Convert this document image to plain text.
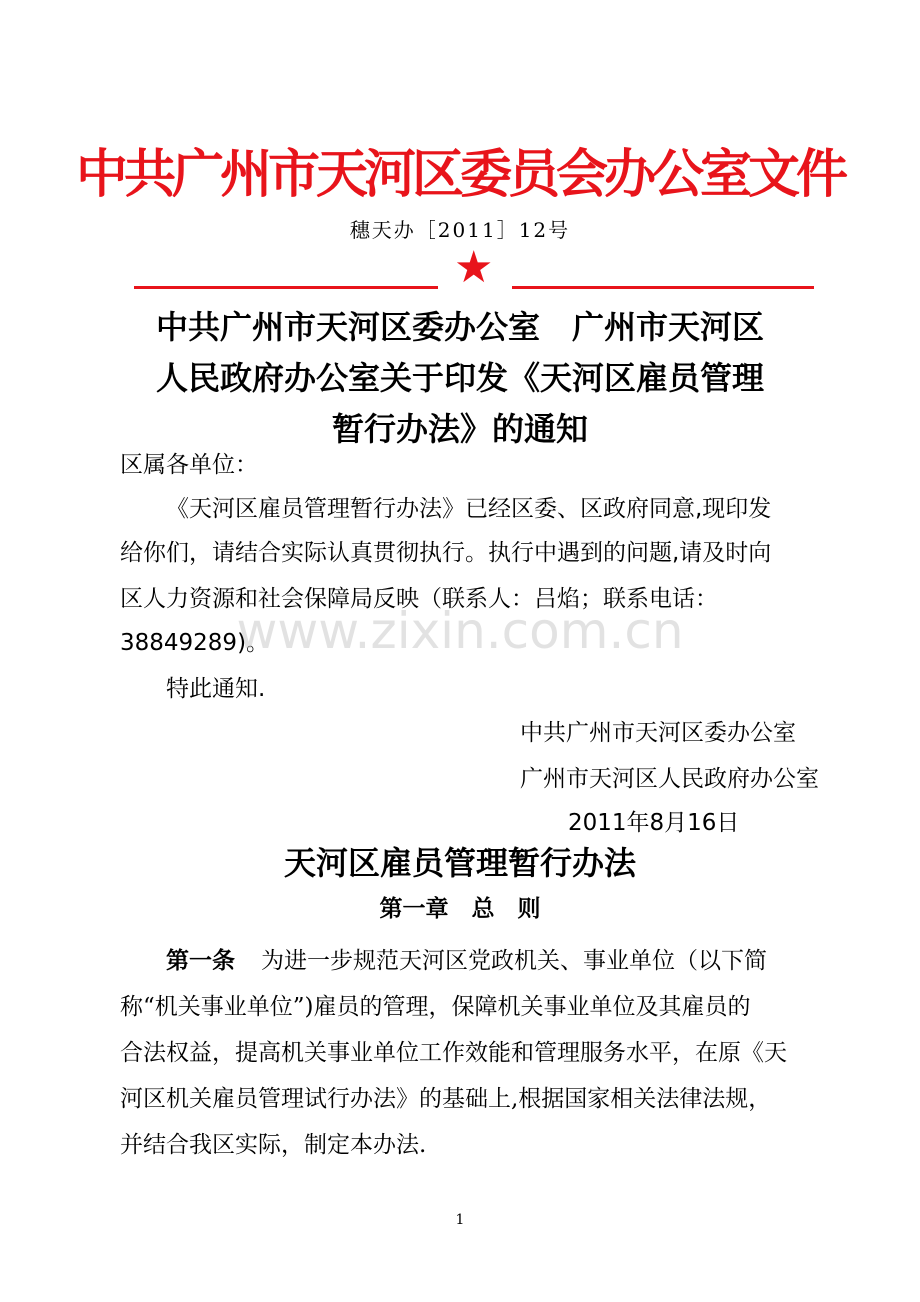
中共广州市天河区委员会办公室文件
穗天办［2011］12号
★
中共广州市天河区委办公室　广州市天河区
人民政府办公室关于印发《天河区雇员管理
暂行办法》的通知
区属各单位：
《天河区雇员管理暂行办法》已经区委、区政府同意,现印发
给你们，请结合实际认真贯彻执行。执行中遇到的问题,请及时向
区人力资源和社会保障局反映（联系人：吕焰；联系电话：
38849289)。
www.zixin.com.cn
特此通知.
中共广州市天河区委办公室
广州市天河区人民政府办公室
2011年8月16日
天河区雇员管理暂行办法
第一章　总　则
第一条 为进一步规范天河区党政机关、事业单位（以下简
称“机关事业单位”)雇员的管理，保障机关事业单位及其雇员的
合法权益，提高机关事业单位工作效能和管理服务水平，在原《天
河区机关雇员管理试行办法》的基础上,根据国家相关法律法规，
并结合我区实际，制定本办法.
1
